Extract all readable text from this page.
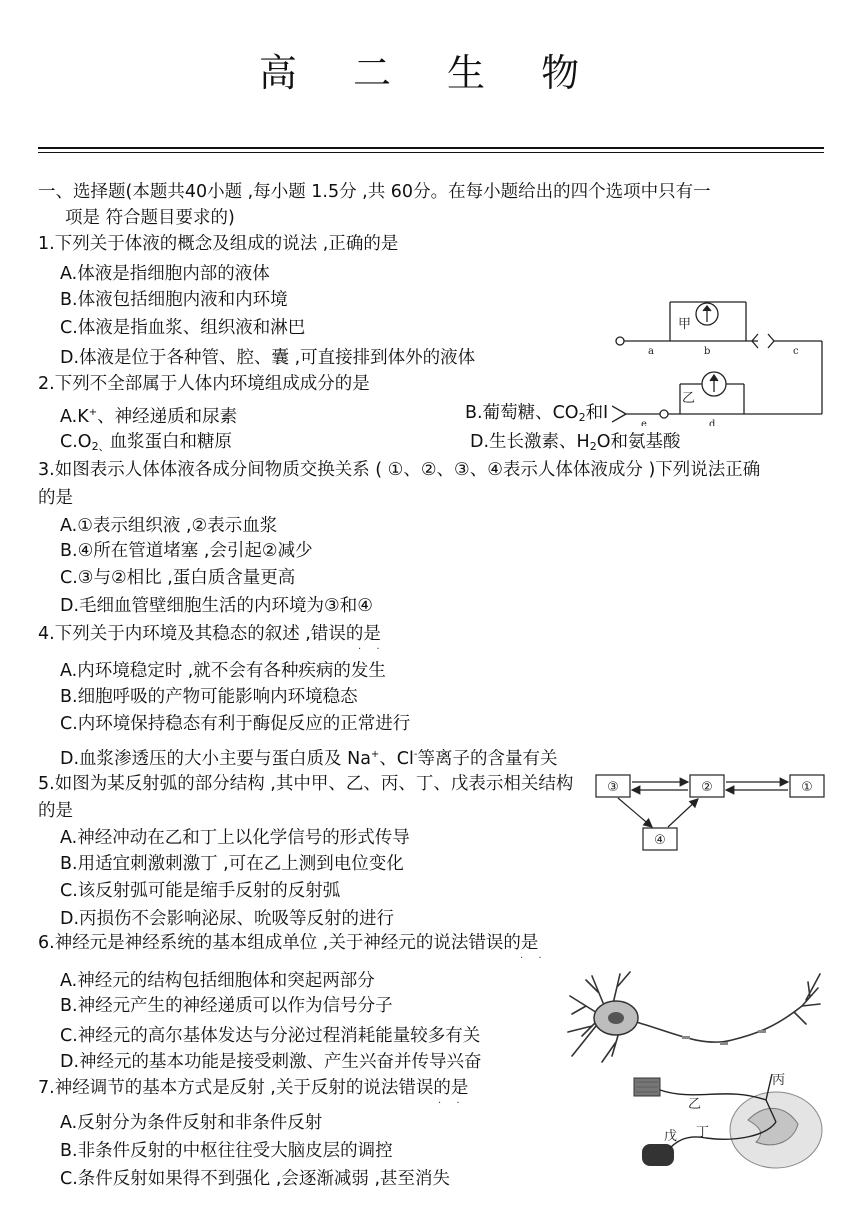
高 二 生 物
一、选择题(本题共40小题 ,每小题 1.5分 ,共 60分。在每小题给出的四个选项中只有一
项是 符合题目要求的)
1.下列关于体液的概念及组成的说法 ,正确的是
A.体液是指细胞内部的液体
B.体液包括细胞内液和内环境
C.体液是指血浆、组织液和淋巴
D.体液是位于各种管、腔、囊 ,可直接排到体外的液体
2.下列不全部属于人体内环境组成成分的是
A.K+、神经递质和尿素	B.葡萄糖、$CO_2$和Ⅰ
$C.O_{2、}$血浆蛋白和糖原	D.生长激素、$H_2O$和氨基酸
3.如图表示人体体液各成分间物质交换关系 ( ①、②、③、④表示人体体液成分 )下列说法正确
的是
A.①表示组织液 ,②表示血浆
B.④所在管道堵塞 ,会引起②减少
C.③与②相比 ,蛋白质含量更高
D.毛细血管壁细胞生活的内环境为③和④
4.下列关于内环境及其稳态的叙述 ,错误的是
· ·
A.内环境稳定时 ,就不会有各种疾病的发生
B.细胞呼吸的产物可能影响内环境稳态
C.内环境保持稳态有利于酶促反应的正常进行
D.血浆渗透压的大小主要与蛋白质及 Na+、Cl-等离子的含量有关
5.如图为某反射弧的部分结构 ,其中甲、乙、丙、丁、戊表示相关结构
的是
A.神经冲动在乙和丁上以化学信号的形式传导
B.用适宜刺激刺激丁 ,可在乙上测到电位变化
C.该反射弧可能是缩手反射的反射弧
D.丙损伤不会影响泌尿、吮吸等反射的进行
6.神经元是神经系统的基本组成单位 ,关于神经元的说法错误的是
· ·
A.神经元的结构包括细胞体和突起两部分
B.神经元产生的神经递质可以作为信号分子
C.神经元的高尔基体发达与分泌过程消耗能量较多有关
D.神经元的基本功能是接受刺激、产生兴奋并传导兴奋
7.神经调节的基本方式是反射 ,关于反射的说法错误的是
· ·
A.反射分为条件反射和非条件反射
B.非条件反射的中枢往往受大脑皮层的调控
C.条件反射如果得不到强化 ,会逐渐减弱 ,甚至消失
a	b	c
e	d
甲
乙
③	②	①
④
乙
丁
戊
丙
